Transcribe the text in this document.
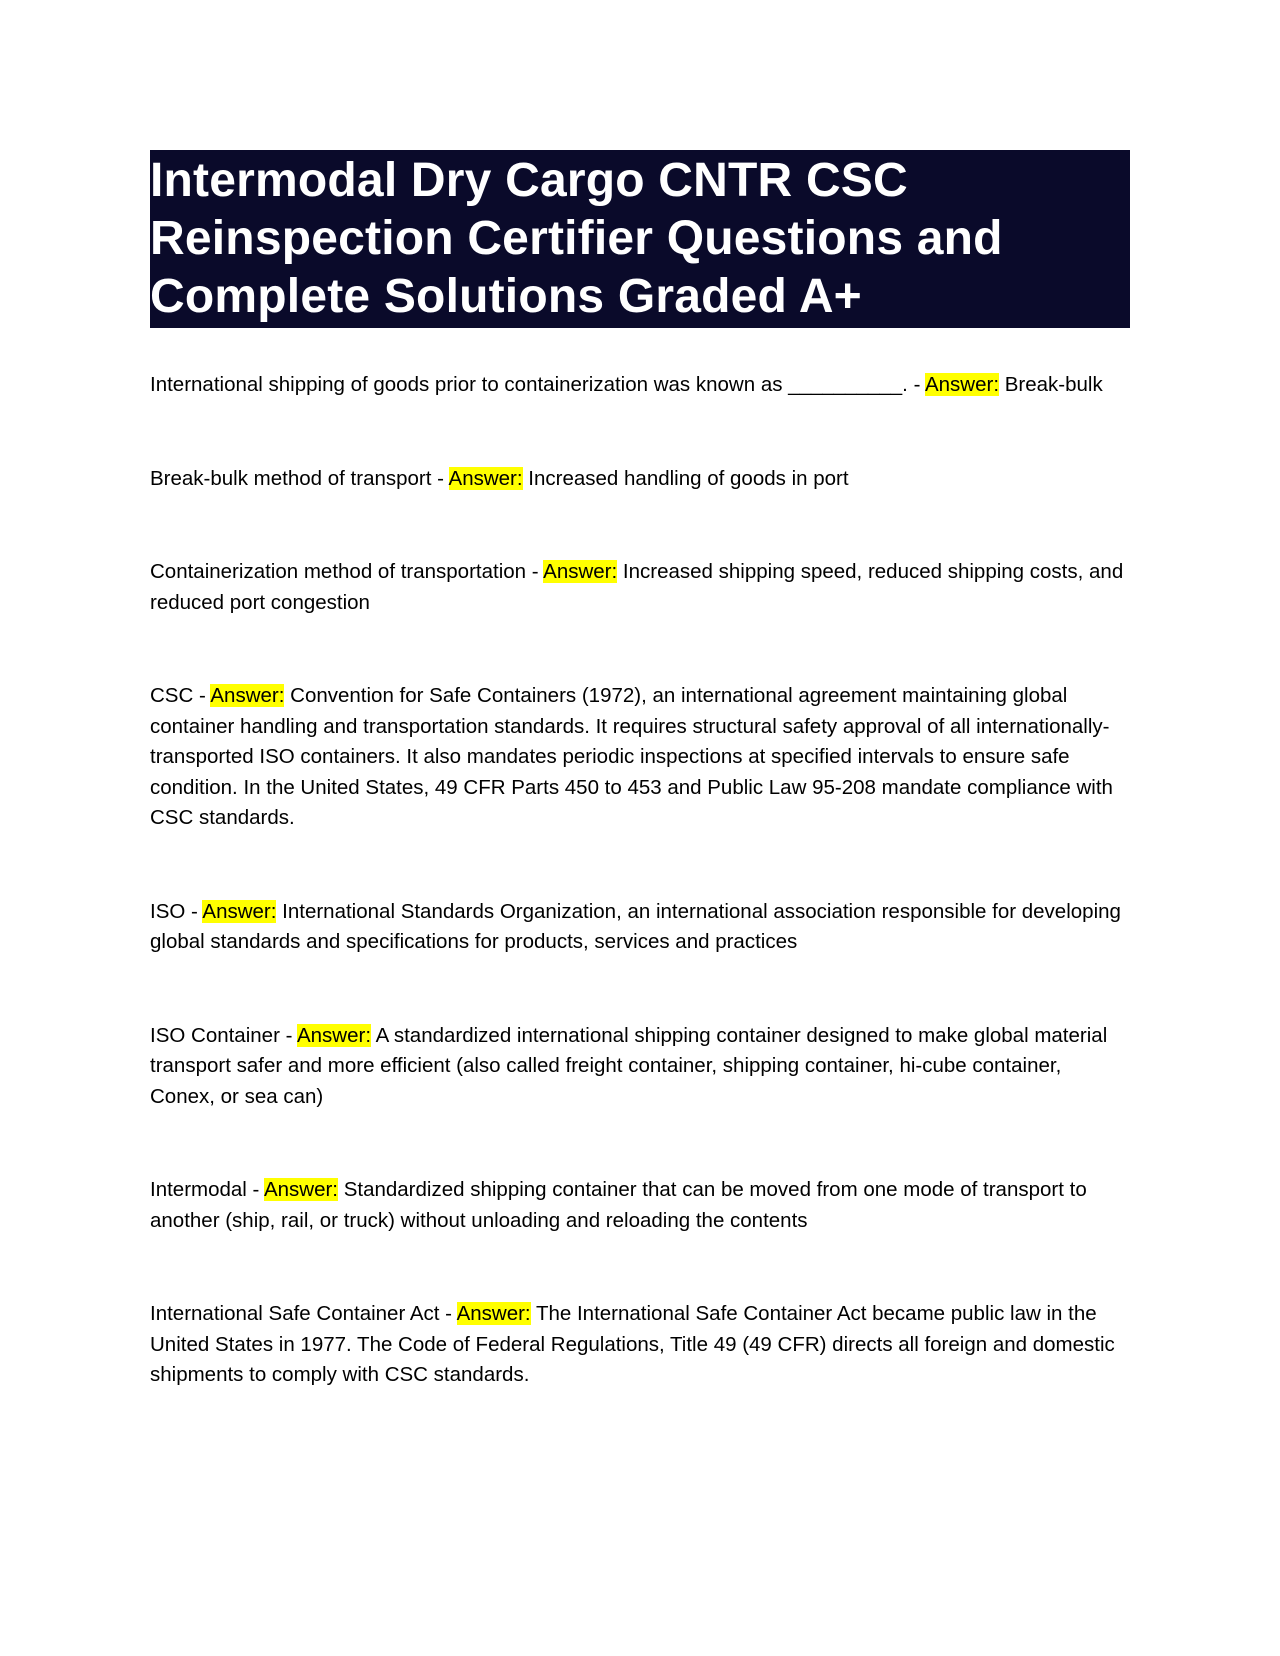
Intermodal Dry Cargo CNTR CSC Reinspection Certifier Questions and Complete Solutions Graded A+

International shipping of goods prior to containerization was known as __________. - Answer: Break-bulk

Break-bulk method of transport - Answer: Increased handling of goods in port

Containerization method of transportation - Answer: Increased shipping speed, reduced shipping costs, and reduced port congestion

CSC - Answer: Convention for Safe Containers (1972), an international agreement maintaining global container handling and transportation standards. It requires structural safety approval of all internationally-transported ISO containers. It also mandates periodic inspections at specified intervals to ensure safe condition. In the United States, 49 CFR Parts 450 to 453 and Public Law 95-208 mandate compliance with CSC standards.

ISO - Answer: International Standards Organization, an international association responsible for developing global standards and specifications for products, services and practices

ISO Container - Answer: A standardized international shipping container designed to make global material transport safer and more efficient (also called freight container, shipping container, hi-cube container, Conex, or sea can)

Intermodal - Answer: Standardized shipping container that can be moved from one mode of transport to another (ship, rail, or truck) without unloading and reloading the contents

International Safe Container Act - Answer: The International Safe Container Act became public law in the United States in 1977. The Code of Federal Regulations, Title 49 (49 CFR) directs all foreign and domestic shipments to comply with CSC standards.
